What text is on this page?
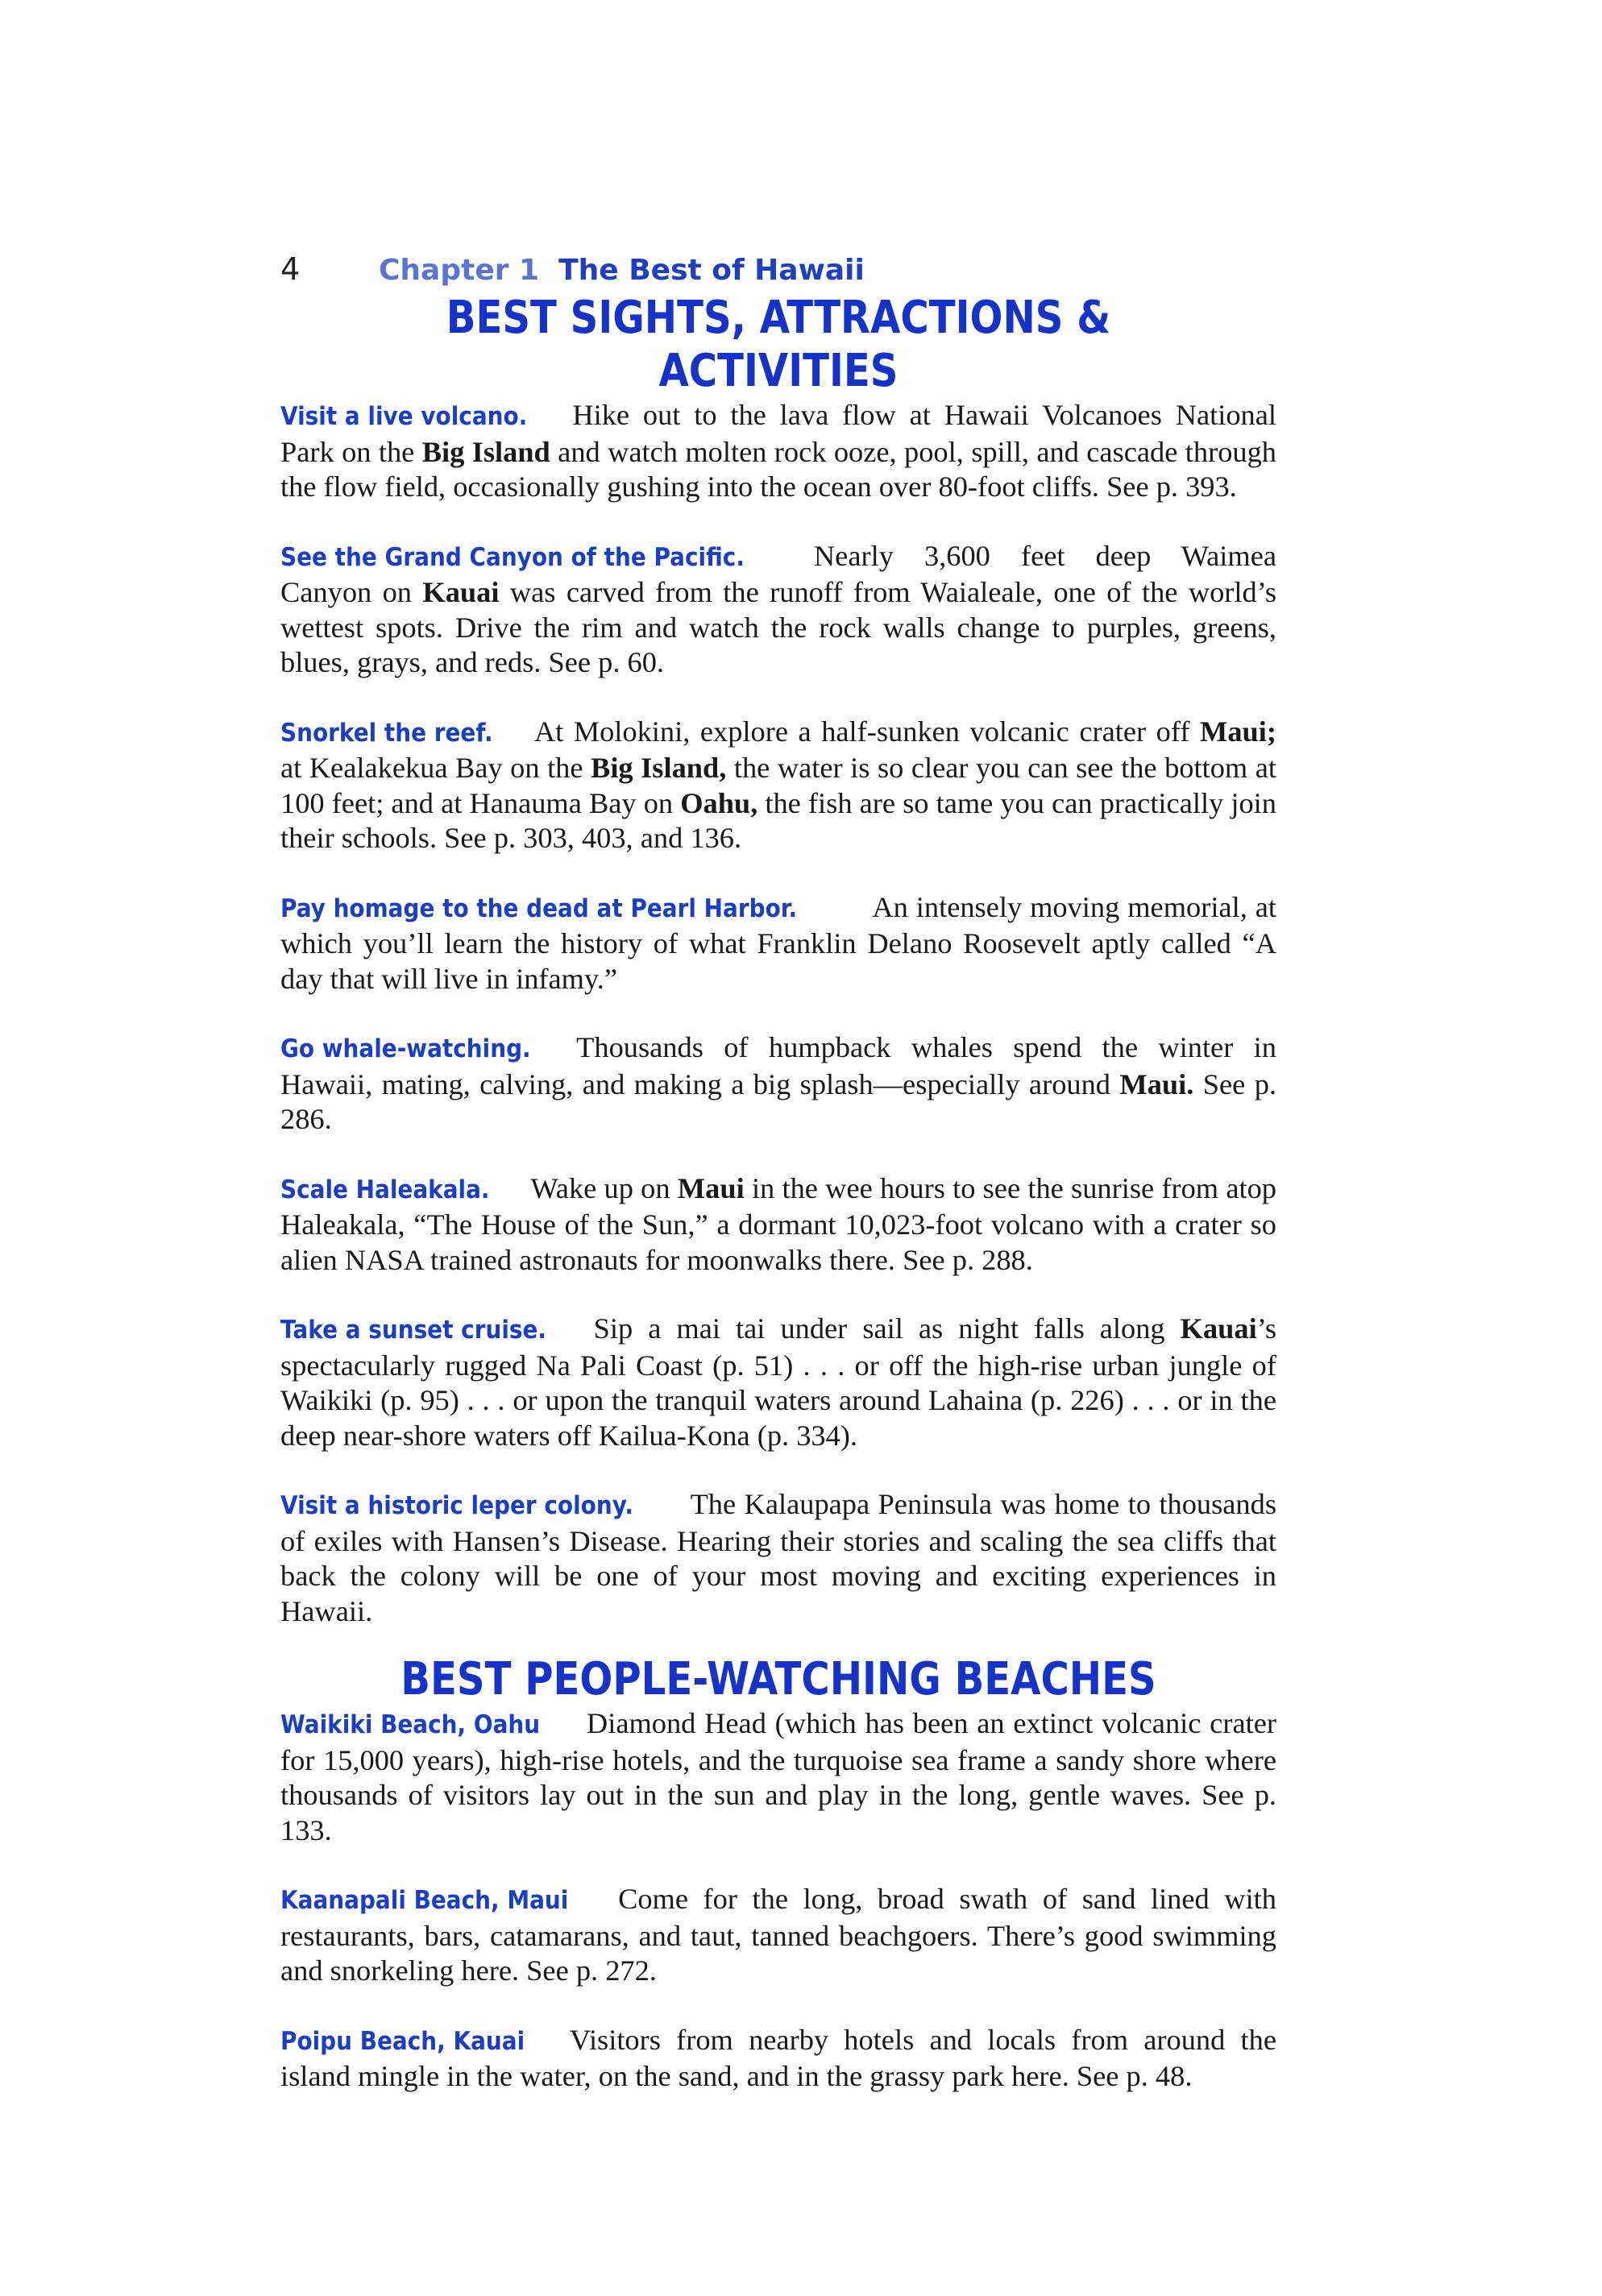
4	Chapter 1 The Best of Hawaii
BEST SIGHTS, ATTRACTIONS & ACTIVITIES

Visit a live volcano. Hike out to the lava flow at Hawaii Volcanoes National Park on the Big Island and watch molten rock ooze, pool, spill, and cascade through the flow field, occasionally gushing into the ocean over 80-foot cliffs. See p. 393.

See the Grand Canyon of the Pacific. Nearly 3,600 feet deep Waimea Canyon on Kauai was carved from the runoff from Waialeale, one of the world’s wettest spots. Drive the rim and watch the rock walls change to purples, greens, blues, grays, and reds. See p. 60.

Snorkel the reef. At Molokini, explore a half-sunken volcanic crater off Maui; at Kealakekua Bay on the Big Island, the water is so clear you can see the bottom at 100 feet; and at Hanauma Bay on Oahu, the fish are so tame you can practically join their schools. See p. 303, 403, and 136.

Pay homage to the dead at Pearl Harbor.	An intensely moving memorial, at which you’ll learn the history of what Franklin Delano Roosevelt aptly called “A day that will live in infamy.”

Go whale-watching. Thousands of humpback whales spend the winter in Hawaii, mating, calving, and making a big splash—especially around Maui. See p. 286.

Scale Haleakala. Wake up on Maui in the wee hours to see the sunrise from atop Haleakala, “The House of the Sun,” a dormant 10,023-foot volcano with a crater so alien NASA trained astronauts for moonwalks there. See p. 288.

Take a sunset cruise. Sip a mai tai under sail as night falls along Kauai’s spectacularly rugged Na Pali Coast (p. 51) . . . or off the high-rise urban jungle of Waikiki (p. 95) . . . or upon the tranquil waters around Lahaina (p. 226) . . . or in the deep near-shore waters off Kailua-Kona (p. 334).

Visit a historic leper colony. The Kalaupapa Peninsula was home to thousands of exiles with Hansen’s Disease. Hearing their stories and scaling the sea cliffs that back the colony will be one of your most moving and exciting experiences in Hawaii.

BEST PEOPLE-WATCHING BEACHES

Waikiki Beach, Oahu Diamond Head (which has been an extinct volcanic crater for 15,000 years), high-rise hotels, and the turquoise sea frame a sandy shore where thousands of visitors lay out in the sun and play in the long, gentle waves. See p. 133.

Kaanapali Beach, Maui Come for the long, broad swath of sand lined with restaurants, bars, catamarans, and taut, tanned beachgoers. There’s good swimming and snorkeling here. See p. 272.

Poipu Beach, Kauai Visitors from nearby hotels and locals from around the island mingle in the water, on the sand, and in the grassy park here. See p. 48.
